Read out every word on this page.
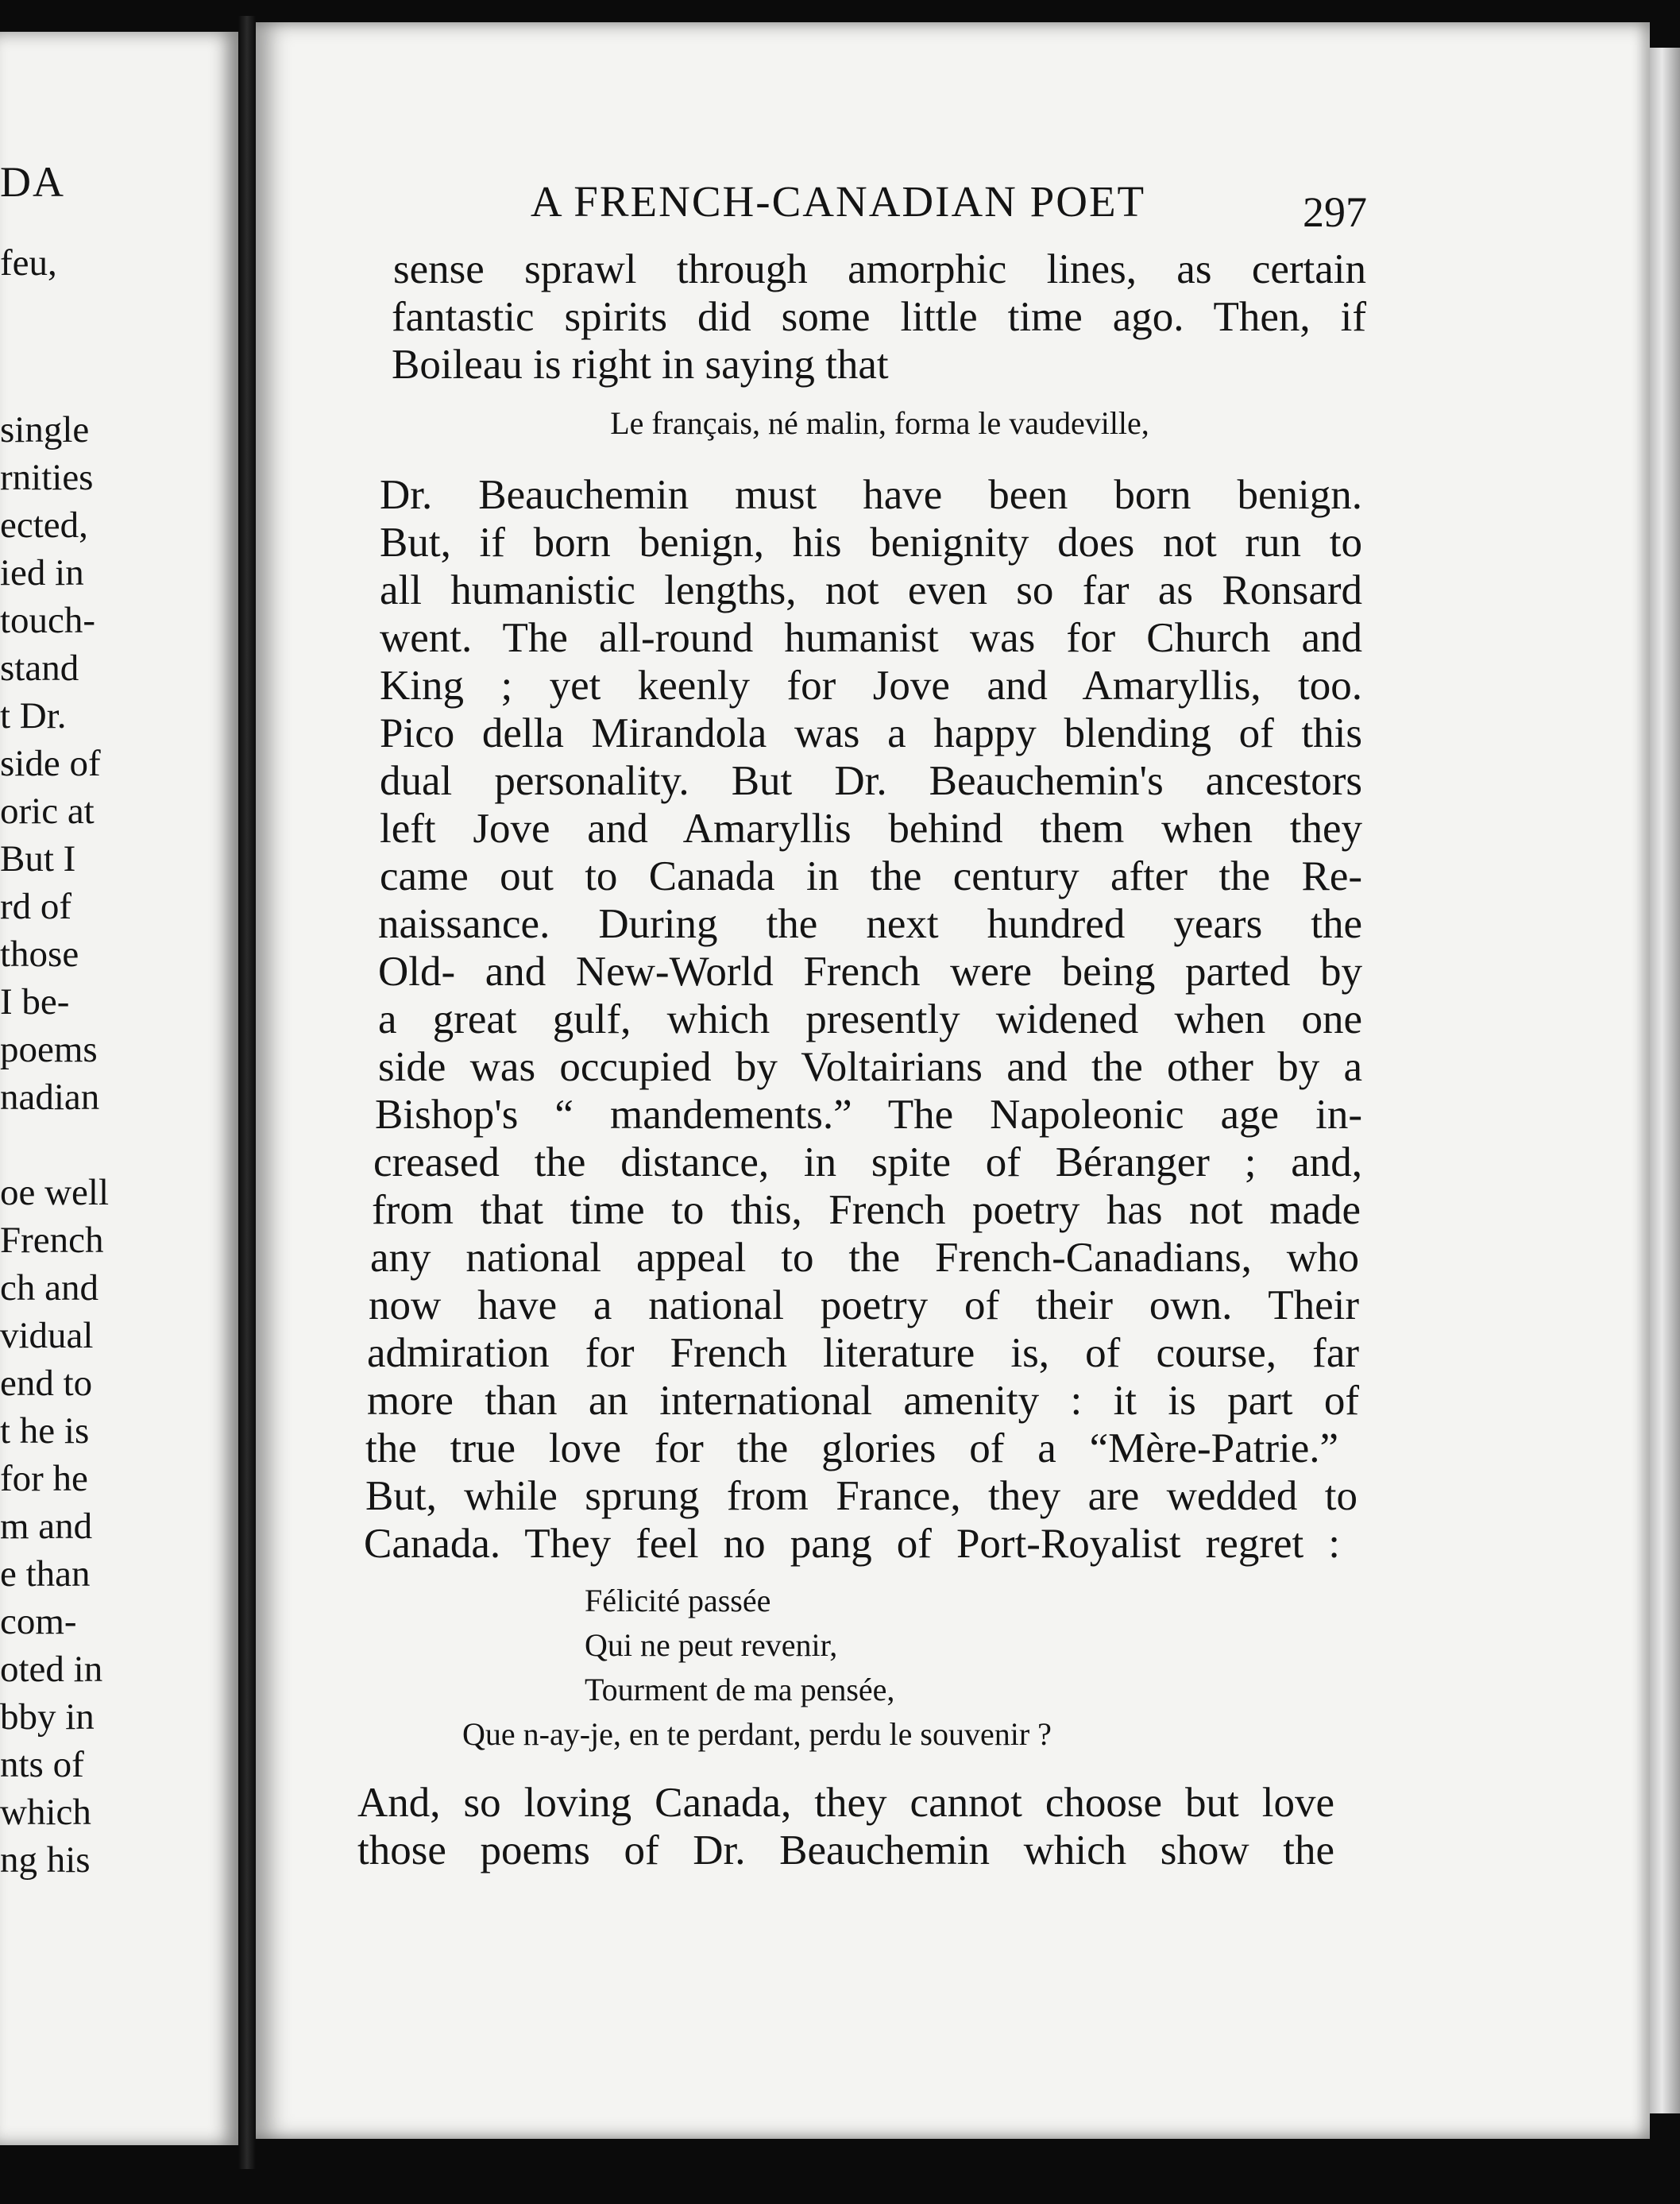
DA
feu,
single
rnities
ected,
ied in
touch-
stand
t Dr.
side of
oric at
But I
rd of
those
I be-
poems
nadian
oe well
French
ch and
vidual
end to
t he is
for he
m and
e than
com-
oted in
bby in
nts of
which
ng his
A FRENCH-CANADIAN POET	297
sense sprawl through amorphic lines, as certain
fantastic spirits did some little time ago. Then, if
Boileau is right in saying that
Le français, né malin, forma le vaudeville,
Dr. Beauchemin must have been born benign.
But, if born benign, his benignity does not run to
all humanistic lengths, not even so far as Ronsard
went. The all-round humanist was for Church and
King ; yet keenly for Jove and Amaryllis, too.
Pico della Mirandola was a happy blending of this
dual personality. But Dr. Beauchemin's ancestors
left Jove and Amaryllis behind them when they
came out to Canada in the century after the Re-
naissance. During the next hundred years the
Old- and New-World French were being parted by
a great gulf, which presently widened when one
side was occupied by Voltairians and the other by a
Bishop's “ mandements.” The Napoleonic age in-
creased the distance, in spite of Béranger ; and,
from that time to this, French poetry has not made
any national appeal to the French-Canadians, who
now have a national poetry of their own. Their
admiration for French literature is, of course, far
more than an international amenity : it is part of
the true love for the glories of a “Mère-Patrie.”
But, while sprung from France, they are wedded to
Canada. They feel no pang of Port-Royalist regret :
Félicité passée
Qui ne peut revenir,
Tourment de ma pensée,
Que n-ay-je, en te perdant, perdu le souvenir ?
And, so loving Canada, they cannot choose but love
those poems of Dr. Beauchemin which show the
